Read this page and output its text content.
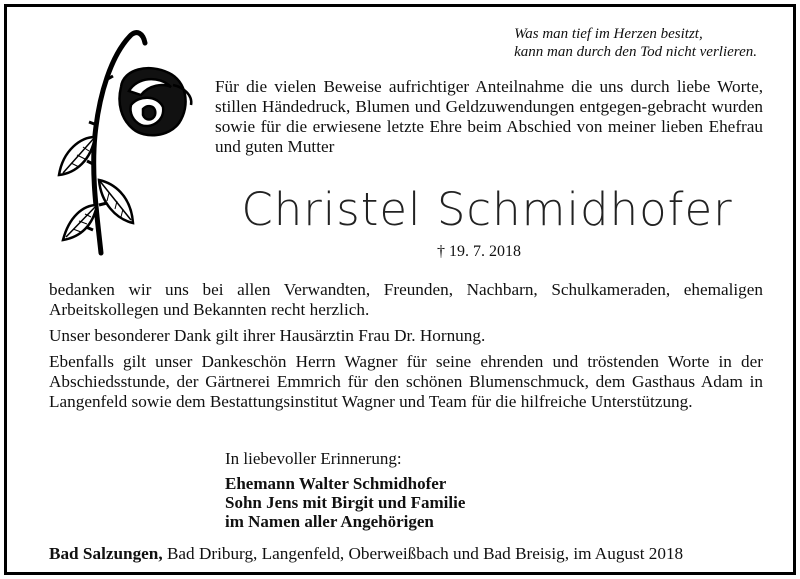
Was man tief im Herzen besitzt,
kann man durch den Tod nicht verlieren.
Für die vielen Beweise aufrichtiger Anteilnahme die uns durch liebe Worte, stillen Händedruck, Blumen und Geldzuwendungen entgegen-gebracht wurden sowie für die erwiesene letzte Ehre beim Abschied von meiner lieben Ehefrau und guten Mutter
Christel Schmidhofer
† 19. 7. 2018

bedanken wir uns bei allen Verwandten, Freunden, Nachbarn, Schulkameraden, ehemaligen Arbeitskollegen und Bekannten recht herzlich.

Unser besonderer Dank gilt ihrer Hausärztin Frau Dr. Hornung.

Ebenfalls gilt unser Dankeschön Herrn Wagner für seine ehrenden und tröstenden Worte in der Abschiedsstunde, der Gärtnerei Emmrich für den schönen Blumenschmuck, dem Gasthaus Adam in Langenfeld sowie dem Bestattungsinstitut Wagner und Team für die hilfreiche Unterstützung.

In liebevoller Erinnerung:
Ehemann Walter Schmidhofer
Sohn Jens mit Birgit und Familie
im Namen aller Angehörigen
Bad Salzungen, Bad Driburg, Langenfeld, Oberweißbach und Bad Breisig, im August 2018
